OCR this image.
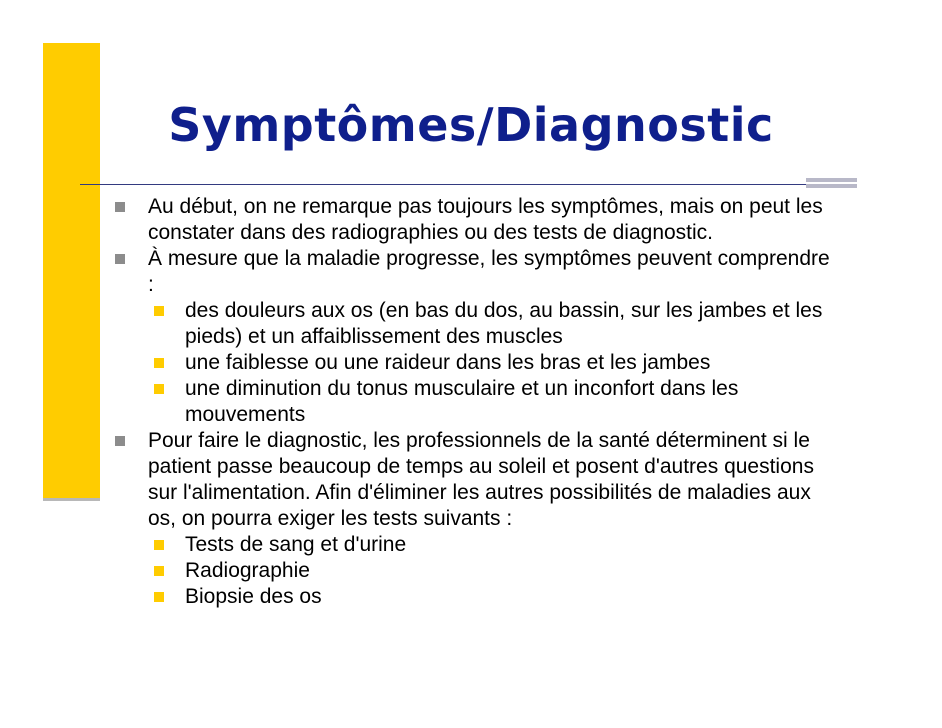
Symptômes/Diagnostic
Au début, on ne remarque pas toujours les symptômes, mais on peut les constater dans des radiographies ou des tests de diagnostic.
À mesure que la maladie progresse, les symptômes peuvent comprendre :
des douleurs aux os (en bas du dos, au bassin, sur les jambes et les pieds) et un affaiblissement des muscles
une faiblesse ou une raideur dans les bras et les jambes
une diminution du tonus musculaire et un inconfort dans les mouvements
Pour faire le diagnostic, les professionnels de la santé déterminent si le patient passe beaucoup de temps au soleil et posent d'autres questions sur l'alimentation. Afin d'éliminer les autres possibilités de maladies aux os, on pourra exiger les tests suivants :
Tests de sang et d'urine
Radiographie
Biopsie des os
